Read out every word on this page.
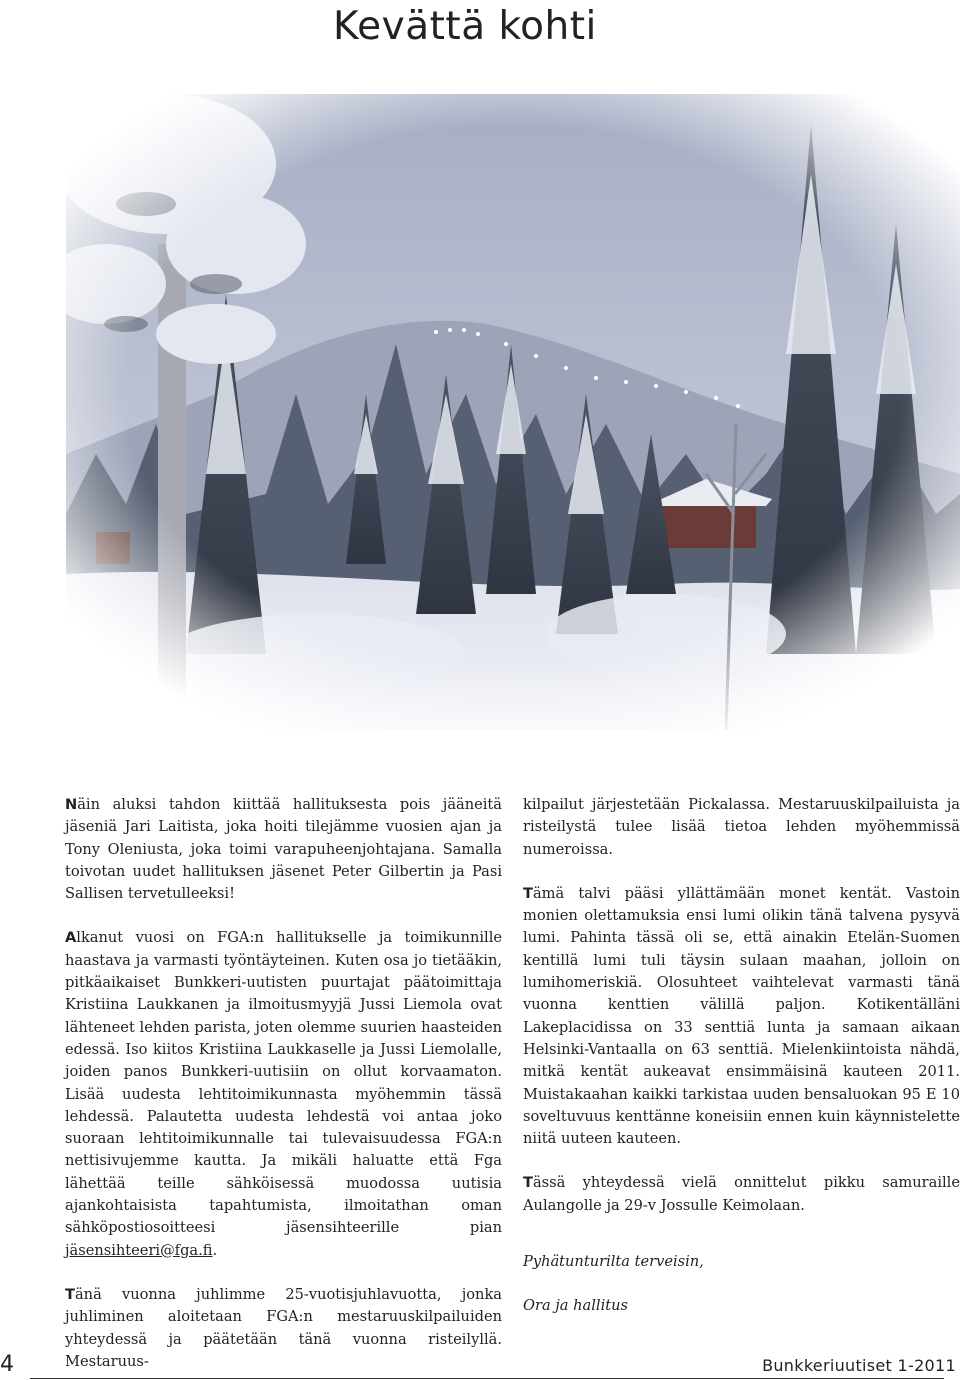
Kevättä kohti

Näin aluksi tahdon kiittää hallituksesta pois jääneitä jäseniä Jari Laitista, joka hoiti tilejämme vuosien ajan ja Tony Oleniusta, joka toimi varapuheenjohtajana. Samalla toivotan uudet hallituksen jäsenet Peter Gilbertin ja Pasi Sallisen tervetulleeksi!

Alkanut vuosi on FGA:n hallitukselle ja toimikunnille haastava ja varmasti työntäyteinen. Kuten osa jo tietääkin, pitkäaikaiset Bunkkeri-uutisten puurtajat päätoimittaja Kristiina Laukkanen ja ilmoitusmyyjä Jussi Liemola ovat lähteneet lehden parista, joten olemme suurien haasteiden edessä. Iso kiitos Kristiina Laukkaselle ja Jussi Liemolalle, joiden panos Bunkkeri-uutisiin on ollut korvaamaton. Lisää uudesta lehtitoimikunnasta myöhemmin tässä lehdessä. Palautetta uudesta lehdestä voi antaa joko suoraan lehtitoimikunnalle tai tulevaisuudessa FGA:n nettisivujemme kautta. Ja mikäli haluatte että Fga lähettää teille sähköisessä muodossa uutisia ajankohtaisista tapahtumista, ilmoitathan oman sähköpostiosoitteesi jäsensihteerille pian jäsensihteeri@fga.fi.

Tänä vuonna juhlimme 25-vuotisjuhlavuotta, jonka juhliminen aloitetaan FGA:n mestaruuskilpailuiden yhteydessä ja päätetään tänä vuonna risteilyllä. Mestaruus-

kilpailut järjestetään Pickalassa. Mestaruuskilpailuista ja risteilystä tulee lisää tietoa lehden myöhemmissä numeroissa.

Tämä talvi pääsi yllättämään monet kentät. Vastoin monien olettamuksia ensi lumi olikin tänä talvena pysyvä lumi. Pahinta tässä oli se, että ainakin Etelän-Suomen kentillä lumi tuli täysin sulaan maahan, jolloin on lumihomeriskiä. Olosuhteet vaihtelevat varmasti tänä vuonna kenttien välillä paljon. Kotikentälläni Lakeplacidissa on 33 senttiä lunta ja samaan aikaan Helsinki-Vantaalla on 63 senttiä. Mielenkiintoista nähdä, mitkä kentät aukeavat ensimmäisinä kauteen 2011. Muistakaahan kaikki tarkistaa uuden bensaluokan 95 E 10 soveltuvuus kenttänne koneisiin ennen kuin käynnistelette niitä uuteen kauteen.

Tässä yhteydessä vielä onnittelut pikku samuraille Aulangolle ja 29-v Jossulle Keimolaan.

Pyhätunturilta terveisin,

Ora ja hallitus

4	Bunkkeriuutiset 1-2011
